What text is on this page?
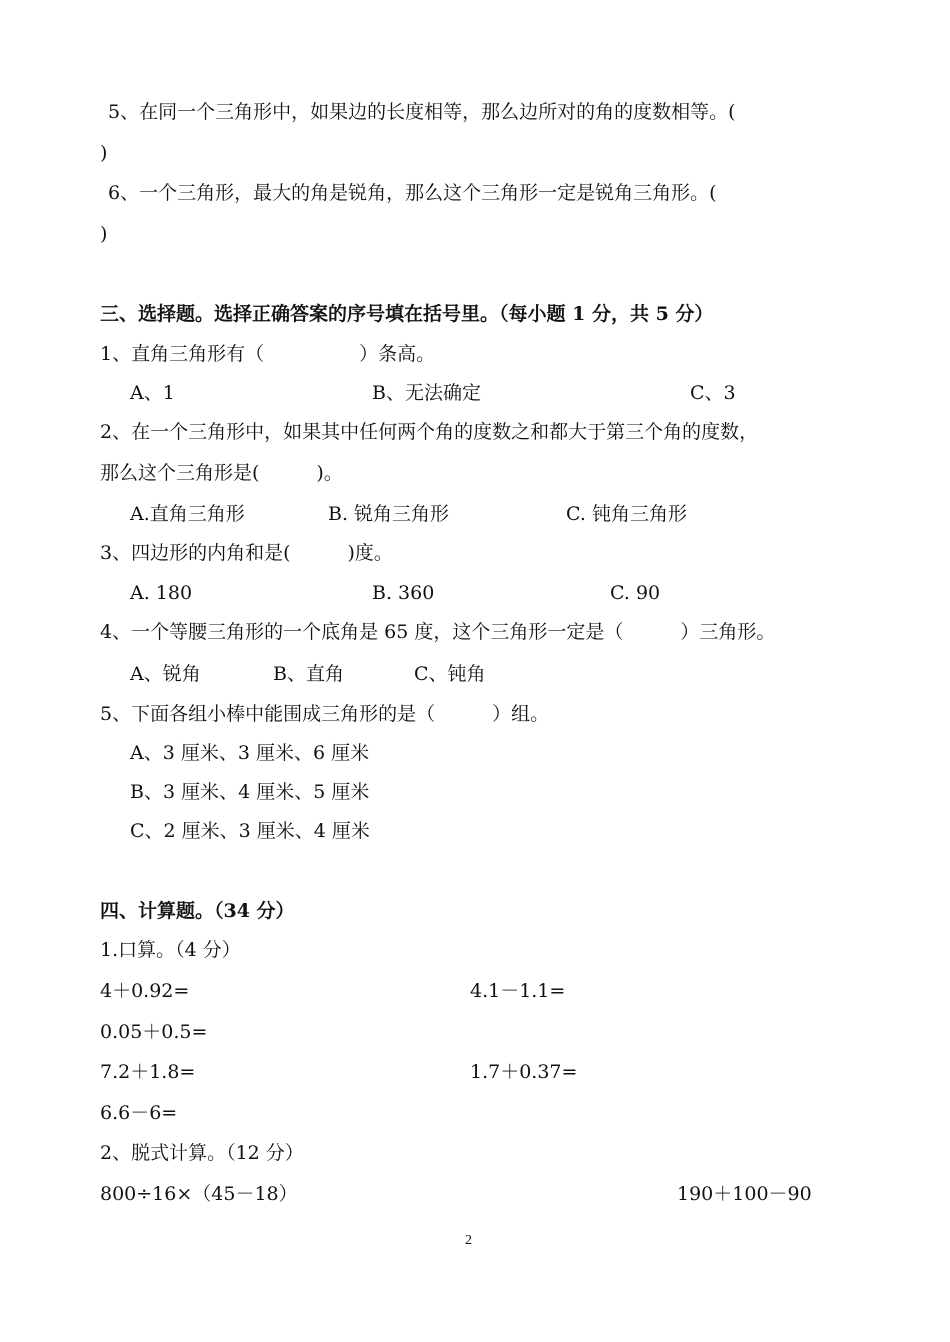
5、在同一个三角形中，如果边的长度相等，那么边所对的角的度数相等。(
)
6、一个三角形，最大的角是锐角，那么这个三角形一定是锐角三角形。(
)
三、选择题。选择正确答案的序号填在括号里。（每小题 1 分，共 5 分）
1、直角三角形有（　　　　　）条高。
A、1	B、无法确定	C、3
2、在一个三角形中，如果其中任何两个角的度数之和都大于第三个角的度数，
那么这个三角形是(　　　)。
A.直角三角形	B. 锐角三角形	C. 钝角三角形
3、四边形的内角和是(　　　)度。
A. 180	B. 360	C. 90
4、一个等腰三角形的一个底角是 65 度，这个三角形一定是（　　　）三角形。
A、锐角	B、直角	C、钝角
5、下面各组小棒中能围成三角形的是（　　　）组。
A、3 厘米、3 厘米、6 厘米
B、3 厘米、4 厘米、5 厘米
C、2 厘米、3 厘米、4 厘米
四、计算题。（34 分）
1.口算。（4 分）
4＋0.92=	4.1－1.1=
0.05＋0.5=
7.2＋1.8=	1.7＋0.37=
6.6－6=
2、脱式计算。（12 分）
800÷16×（45－18）	190＋100－90
2
